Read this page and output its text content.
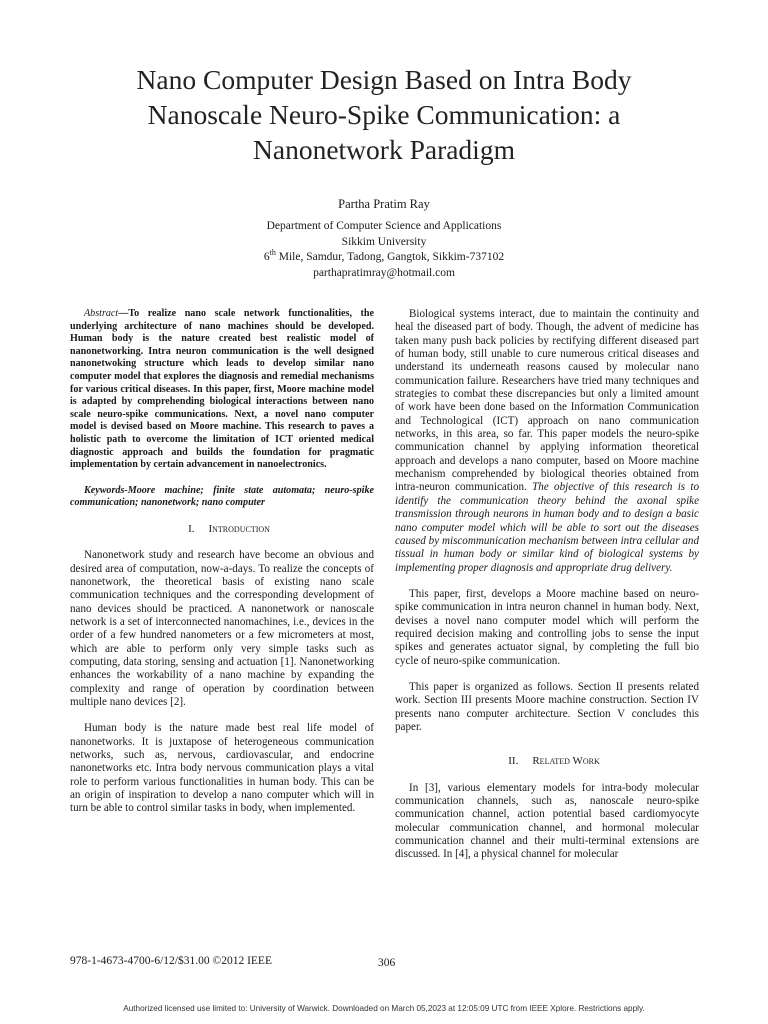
Nano Computer Design Based on Intra Body
Nanoscale Neuro-Spike Communication: a
Nanonetwork Paradigm
Partha Pratim Ray
Department of Computer Science and Applications
Sikkim University
6th Mile, Samdur, Tadong, Gangtok, Sikkim-737102
parthapratimray@hotmail.com

Abstract—To realize nano scale network functionalities, the underlying architecture of nano machines should be developed. Human body is the nature created best realistic model of nanonetworking. Intra neuron communication is the well designed nanonetwoking structure which leads to develop similar nano computer model that explores the diagnosis and remedial mechanisms for various critical diseases. In this paper, first, Moore machine model is adapted by comprehending biological interactions between nano scale neuro-spike communications. Next, a novel nano computer model is devised based on Moore machine. This research to paves a holistic path to overcome the limitation of ICT oriented medical diagnostic approach and builds the foundation for pragmatic implementation by certain advancement in nanoelectronics.

Keywords-Moore machine; finite state automata; neuro-spike communication; nanonetwork; nano computer

I. Introduction

Nanonetwork study and research have become an obvious and desired area of computation, now-a-days. To realize the concepts of nanonetwork, the theoretical basis of existing nano scale communication techniques and the corresponding development of nano devices should be practiced. A nanonetwork or nanoscale network is a set of interconnected nanomachines, i.e., devices in the order of a few hundred nanometers or a few micrometers at most, which are able to perform only very simple tasks such as computing, data storing, sensing and actuation [1]. Nanonetworking enhances the workability of a nano machine by expanding the complexity and range of operation by coordination between multiple nano devices [2].

Human body is the nature made best real life model of nanonetworks. It is juxtapose of heterogeneous communication networks, such as, nervous, cardiovascular, and endocrine nanonetworks etc. Intra body nervous communication plays a vital role to perform various functionalities in human body. This can be an origin of inspiration to develop a nano computer which will in turn be able to control similar tasks in body, when implemented.

Biological systems interact, due to maintain the continuity and heal the diseased part of body. Though, the advent of medicine has taken many push back policies by rectifying different diseased part of human body, still unable to cure numerous critical diseases and understand its underneath reasons caused by molecular nano communication failure. Researchers have tried many techniques and strategies to combat these discrepancies but only a limited amount of work have been done based on the Information Communication and Technological (ICT) approach on nano communication networks, in this area, so far. This paper models the neuro-spike communication channel by applying information theoretical approach and develops a nano computer, based on Moore machine mechanism comprehended by biological theories obtained from intra-neuron communication. The objective of this research is to identify the communication theory behind the axonal spike transmission through neurons in human body and to design a basic nano computer model which will be able to sort out the diseases caused by miscommunication mechanism between intra cellular and tissual in human body or similar kind of biological systems by implementing proper diagnosis and appropriate drug delivery.

This paper, first, develops a Moore machine based on neuro-spike communication in intra neuron channel in human body. Next, devises a novel nano computer model which will perform the required decision making and controlling jobs to sense the input spikes and generates actuator signal, by completing the full bio cycle of neuro-spike communication.

This paper is organized as follows. Section II presents related work. Section III presents Moore machine construction. Section IV presents nano computer architecture. Section V concludes this paper.

II. Related Work

In [3], various elementary models for intra-body molecular communication channels, such as, nanoscale neuro-spike communication channel, action potential based cardiomyocyte molecular communication channel, and hormonal molecular communication channel and their multi-terminal extensions are discussed. In [4], a physical channel for molecular

978-1-4673-4700-6/12/$31.00 ©2012 IEEE	306
Authorized licensed use limited to: University of Warwick. Downloaded on March 05,2023 at 12:05:09 UTC from IEEE Xplore. Restrictions apply.
